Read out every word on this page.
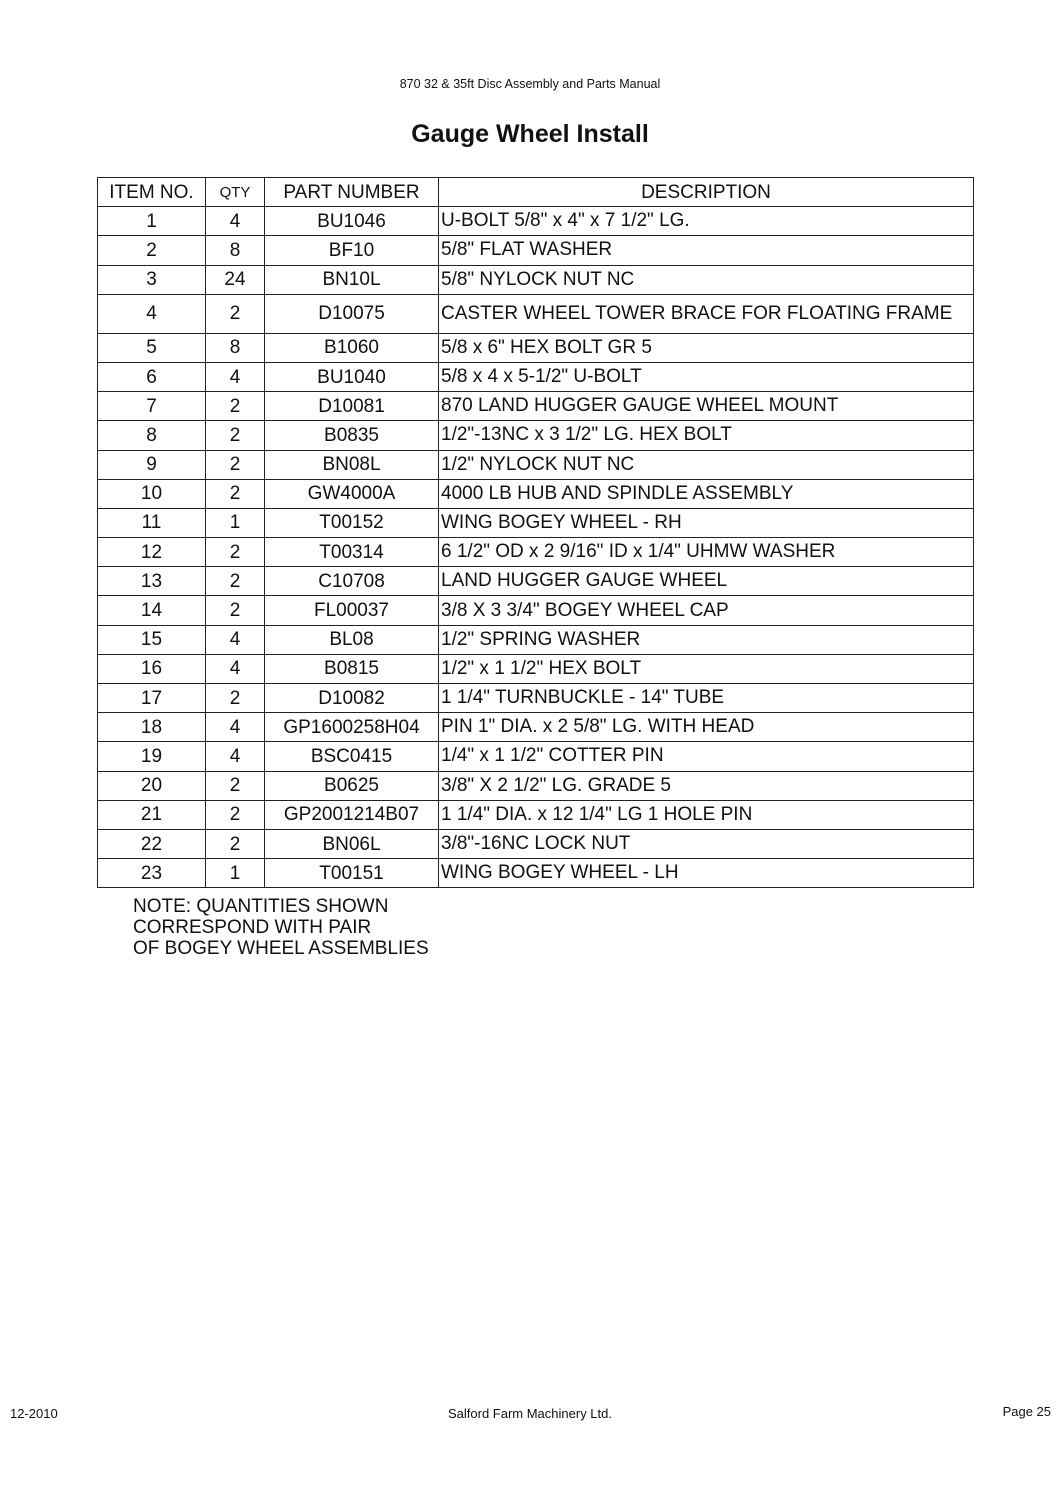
870 32 & 35ft Disc Assembly and Parts Manual
Gauge Wheel Install
ITEM NO.	QTY	PART NUMBER	DESCRIPTION
1	4	BU1046	U-BOLT 5/8" x 4" x 7 1/2" LG.
2	8	BF10	5/8" FLAT WASHER
3	24	BN10L	5/8" NYLOCK NUT NC
4	2	D10075	CASTER WHEEL TOWER BRACE FOR FLOATING FRAME
5	8	B1060	5/8 x 6" HEX BOLT GR 5
6	4	BU1040	5/8 x 4 x 5-1/2" U-BOLT
7	2	D10081	870 LAND HUGGER GAUGE WHEEL MOUNT
8	2	B0835	1/2"-13NC x 3 1/2" LG. HEX BOLT
9	2	BN08L	1/2" NYLOCK NUT NC
10	2	GW4000A	4000 LB HUB AND SPINDLE ASSEMBLY
11	1	T00152	WING BOGEY WHEEL - RH
12	2	T00314	6 1/2" OD x 2 9/16" ID x 1/4" UHMW WASHER
13	2	C10708	LAND HUGGER GAUGE WHEEL
14	2	FL00037	3/8 X 3 3/4" BOGEY WHEEL CAP
15	4	BL08	1/2" SPRING WASHER
16	4	B0815	1/2" x 1 1/2" HEX BOLT
17	2	D10082	1 1/4" TURNBUCKLE - 14" TUBE
18	4	GP1600258H04	PIN 1" DIA. x 2 5/8" LG. WITH HEAD
19	4	BSC0415	1/4" x 1 1/2" COTTER PIN
20	2	B0625	3/8" X 2 1/2" LG. GRADE 5
21	2	GP2001214B07	1 1/4" DIA. x 12 1/4" LG 1 HOLE PIN
22	2	BN06L	3/8"-16NC LOCK NUT
23	1	T00151	WING BOGEY WHEEL - LH
NOTE: QUANTITIES SHOWN
CORRESPOND WITH PAIR
OF BOGEY WHEEL ASSEMBLIES
12-2010	Salford Farm Machinery Ltd.	Page 25
